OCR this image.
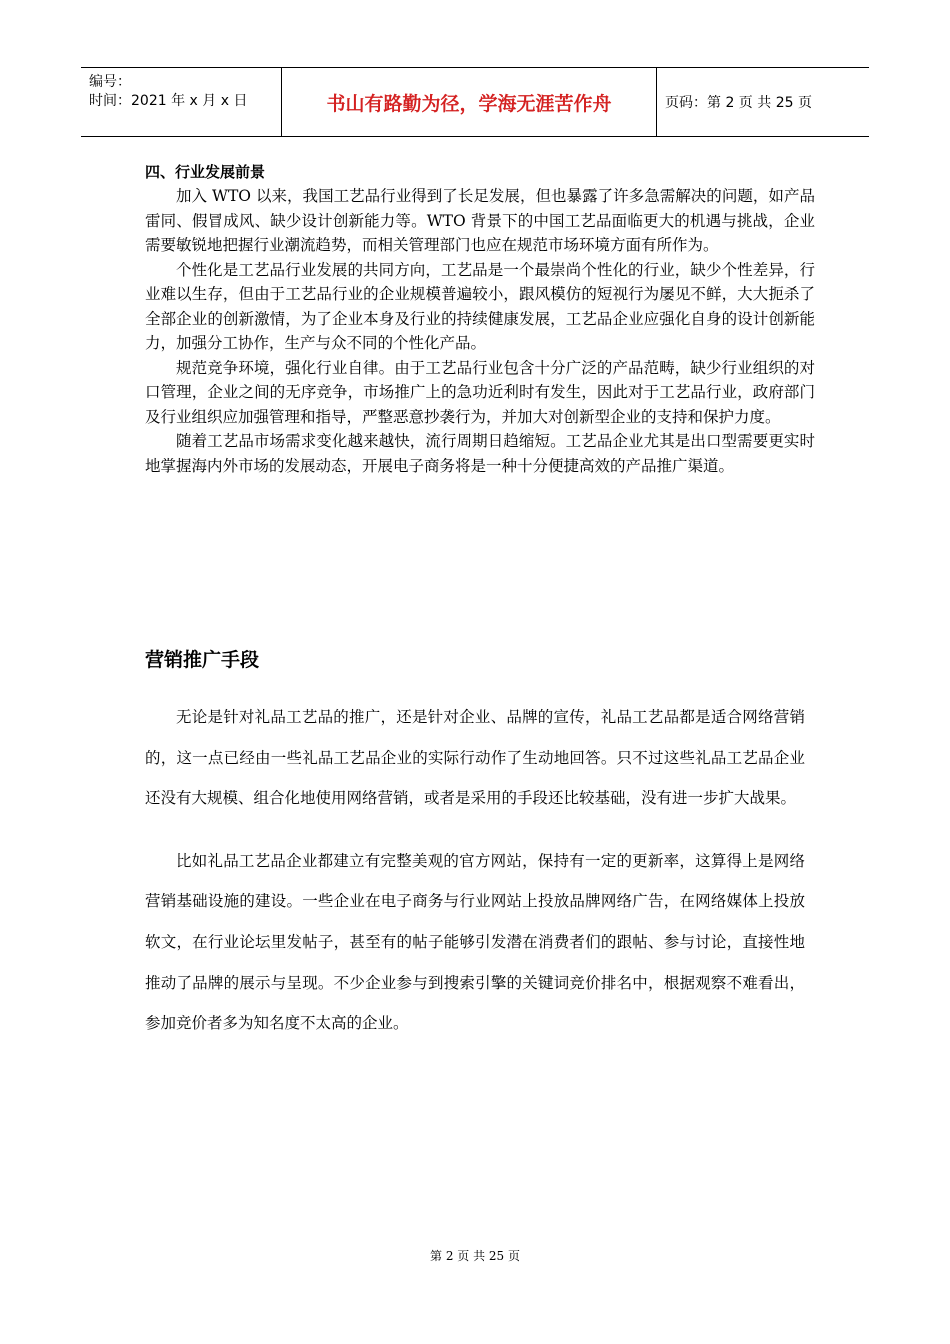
编号：
时间：2021 年 x 月 x 日	书山有路勤为径，学海无涯苦作舟	页码：第 2 页 共 25 页
四、行业发展前景

加入 WTO 以来，我国工艺品行业得到了长足发展，但也暴露了许多急需解决的问题，如产品雷同、假冒成风、缺少设计创新能力等。WTO 背景下的中国工艺品面临更大的机遇与挑战，企业需要敏锐地把握行业潮流趋势，而相关管理部门也应在规范市场环境方面有所作为。

个性化是工艺品行业发展的共同方向，工艺品是一个最崇尚个性化的行业，缺少个性差异，行业难以生存，但由于工艺品行业的企业规模普遍较小，跟风模仿的短视行为屡见不鲜，大大扼杀了全部企业的创新激情，为了企业本身及行业的持续健康发展，工艺品企业应强化自身的设计创新能力，加强分工协作，生产与众不同的个性化产品。

规范竞争环境，强化行业自律。由于工艺品行业包含十分广泛的产品范畴，缺少行业组织的对口管理，企业之间的无序竞争，市场推广上的急功近利时有发生，因此对于工艺品行业，政府部门及行业组织应加强管理和指导，严整恶意抄袭行为，并加大对创新型企业的支持和保护力度。

随着工艺品市场需求变化越来越快，流行周期日趋缩短。工艺品企业尤其是出口型需要更实时地掌握海内外市场的发展动态，开展电子商务将是一种十分便捷高效的产品推广渠道。

营销推广手段

无论是针对礼品工艺品的推广，还是针对企业、品牌的宣传，礼品工艺品都是适合网络营销的，这一点已经由一些礼品工艺品企业的实际行动作了生动地回答。只不过这些礼品工艺品企业还没有大规模、组合化地使用网络营销，或者是采用的手段还比较基础，没有进一步扩大战果。

比如礼品工艺品企业都建立有完整美观的官方网站，保持有一定的更新率，这算得上是网络营销基础设施的建设。一些企业在电子商务与行业网站上投放品牌网络广告，在网络媒体上投放软文，在行业论坛里发帖子，甚至有的帖子能够引发潜在消费者们的跟帖、参与讨论，直接性地推动了品牌的展示与呈现。不少企业参与到搜索引擎的关键词竞价排名中，根据观察不难看出，参加竞价者多为知名度不太高的企业。

第 2 页 共 25 页
